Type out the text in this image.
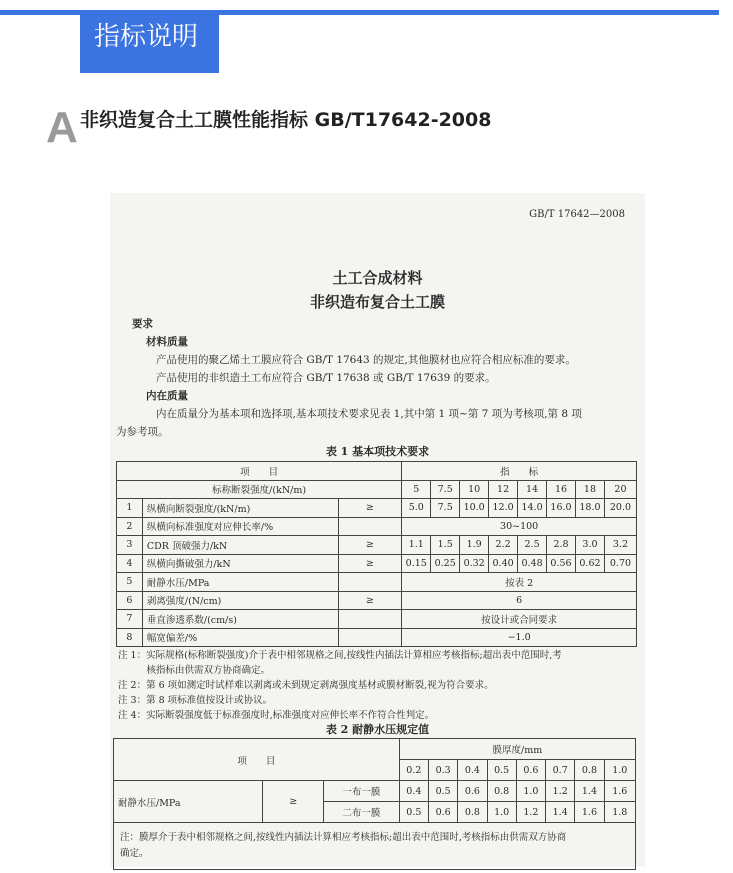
指标说明
A 非织造复合土工膜性能指标 GB/T17642-2008
GB/T 17642—2008
土工合成材料
非织造布复合土工膜
要求
材料质量
产品使用的聚乙烯土工膜应符合 GB/T 17643 的规定,其他膜材也应符合相应标准的要求。
产品使用的非织造土工布应符合 GB/T 17638 或 GB/T 17639 的要求。
内在质量
内在质量分为基本项和选择项,基本项技术要求见表 1,其中第 1 项~第 7 项为考核项,第 8 项
为参考项。
表 1 基本项技术要求
项　　目			指　　标							
标称断裂强度/(kN/m)			5	7.5	10	12	14	16	18	20
1	纵横向断裂强度/(kN/m)	≥	5.0	7.5	10.0	12.0	14.0	16.0	18.0	20.0
2	纵横向标准强度对应伸长率/%		30~100							
3	CDR 顶破强力/kN	≥	1.1	1.5	1.9	2.2	2.5	2.8	3.0	3.2
4	纵横向撕破强力/kN	≥	0.15	0.25	0.32	0.40	0.48	0.56	0.62	0.70
5	耐静水压/MPa		按表 2							
6	剥离强度/(N/cm)	≥	6							
7	垂直渗透系数/(cm/s)		按设计或合同要求							
8	幅宽偏差/%		−1.0							
注 1：实际规格(标称断裂强度)介于表中相邻规格之间,按线性内插法计算相应考核指标;超出表中范围时,考
　　　核指标由供需双方协商确定。
注 2：第 6 项如测定时试样难以剥离或未到规定剥离强度基材或膜材断裂,视为符合要求。
注 3：第 8 项标准值按设计或协议。
注 4：实际断裂强度低于标准强度时,标准强度对应伸长率不作符合性判定。
表 2 耐静水压规定值
项　　目			膜厚度/mm							
			0.2	0.3	0.4	0.5	0.6	0.7	0.8	1.0
耐静水压/MPa	≥	一布一膜	0.4	0.5	0.6	0.8	1.0	1.2	1.4	1.6
		二布一膜	0.5	0.6	0.8	1.0	1.2	1.4	1.6	1.8

注：膜厚介于表中相邻规格之间,按线性内插法计算相应考核指标;超出表中范围时,考核指标由供需双方协商
确定。										
